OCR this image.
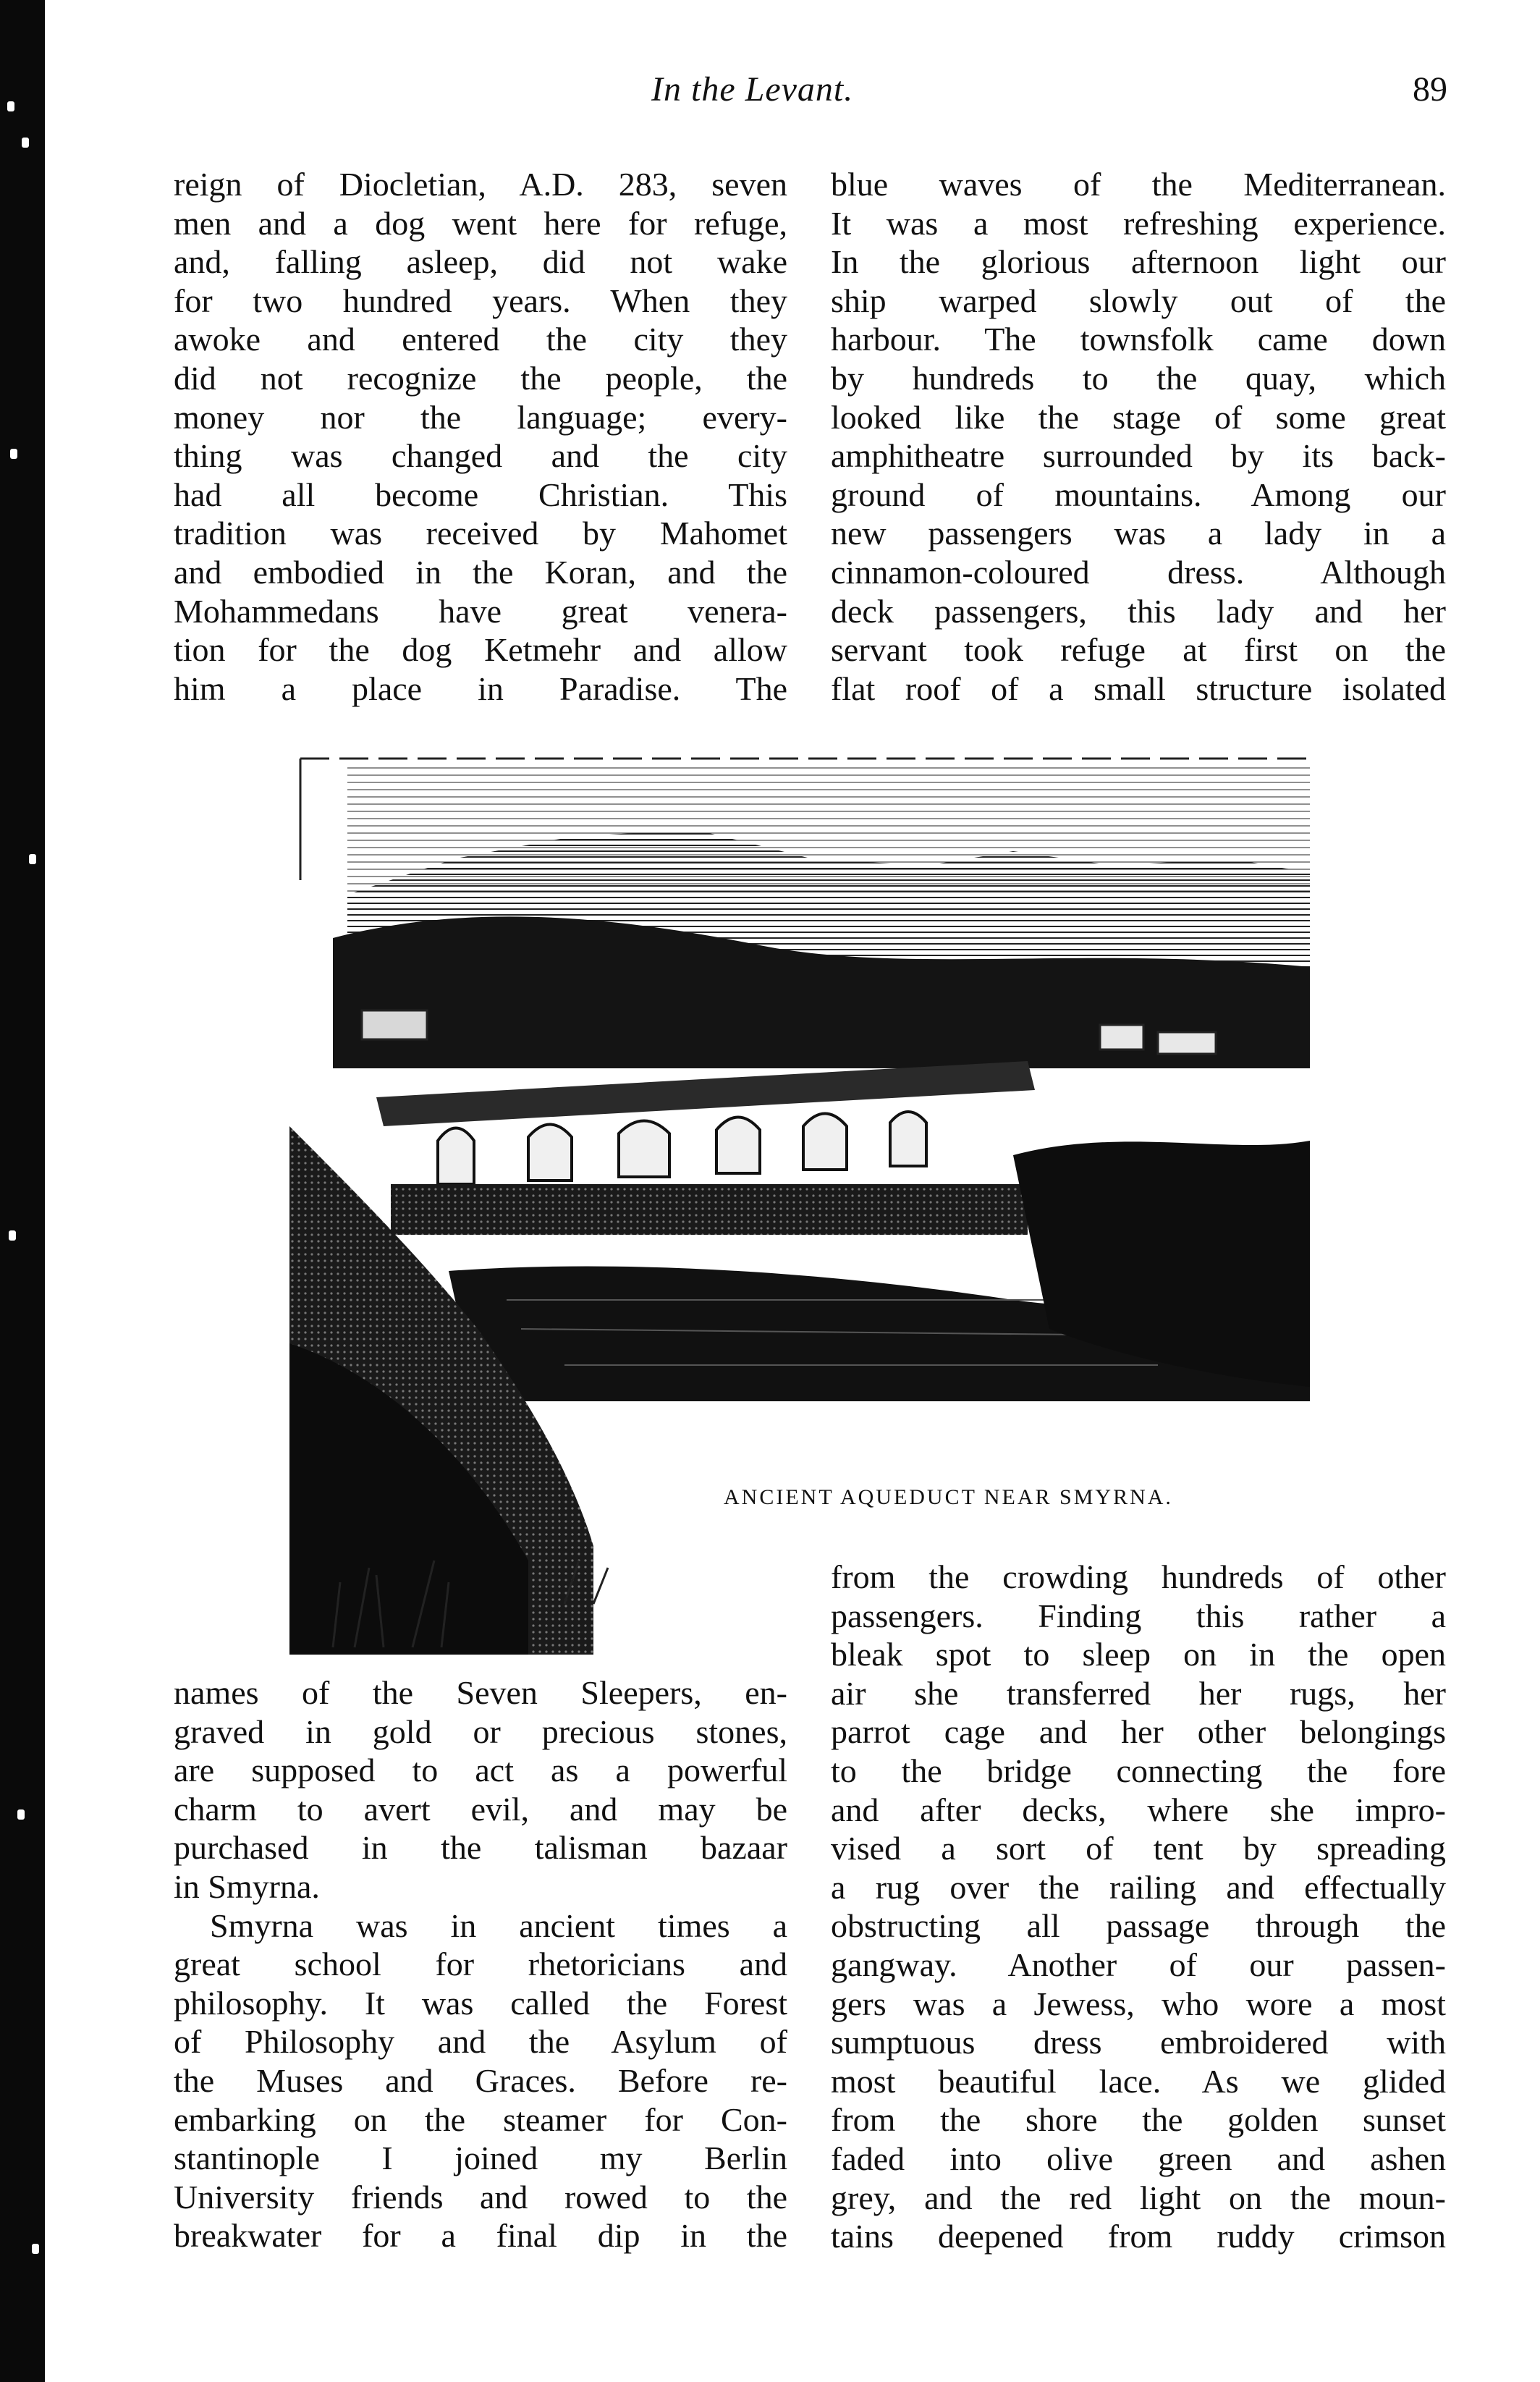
In the Levant.	89

reign of Diocletian, A.D. 283, seven
men and a dog went here for refuge,
and, falling asleep, did not wake
for two hundred years. When they
awoke and entered the city they
did not recognize the people, the
money nor the language; every-
thing was changed and the city
had all become Christian. This
tradition was received by Mahomet
and embodied in the Koran, and the
Mohammedans have great venera-
tion for the dog Ketmehr and allow
him a place in Paradise. The

blue waves of the Mediterranean.
It was a most refreshing experience.
In the glorious afternoon light our
ship warped slowly out of the
harbour. The townsfolk came down
by hundreds to the quay, which
looked like the stage of some great
amphitheatre surrounded by its back-
ground of mountains. Among our
new passengers was a lady in a
cinnamon-coloured dress. Although
deck passengers, this lady and her
servant took refuge at first on the
flat roof of a small structure isolated

ANCIENT AQUEDUCT NEAR SMYRNA.

names of the Seven Sleepers, en-
graved in gold or precious stones,
are supposed to act as a powerful
charm to avert evil, and may be
purchased in the talisman bazaar
in Smyrna.

Smyrna was in ancient times a
great school for rhetoricians and
philosophy. It was called the Forest
of Philosophy and the Asylum of
the Muses and Graces. Before re-
embarking on the steamer for Con-
stantinople I joined my Berlin
University friends and rowed to the
breakwater for a final dip in the

from the crowding hundreds of other
passengers. Finding this rather a
bleak spot to sleep on in the open
air she transferred her rugs, her
parrot cage and her other belongings
to the bridge connecting the fore
and after decks, where she impro-
vised a sort of tent by spreading
a rug over the railing and effectually
obstructing all passage through the
gangway. Another of our passen-
gers was a Jewess, who wore a most
sumptuous dress embroidered with
most beautiful lace. As we glided
from the shore the golden sunset
faded into olive green and ashen
grey, and the red light on the moun-
tains deepened from ruddy crimson
